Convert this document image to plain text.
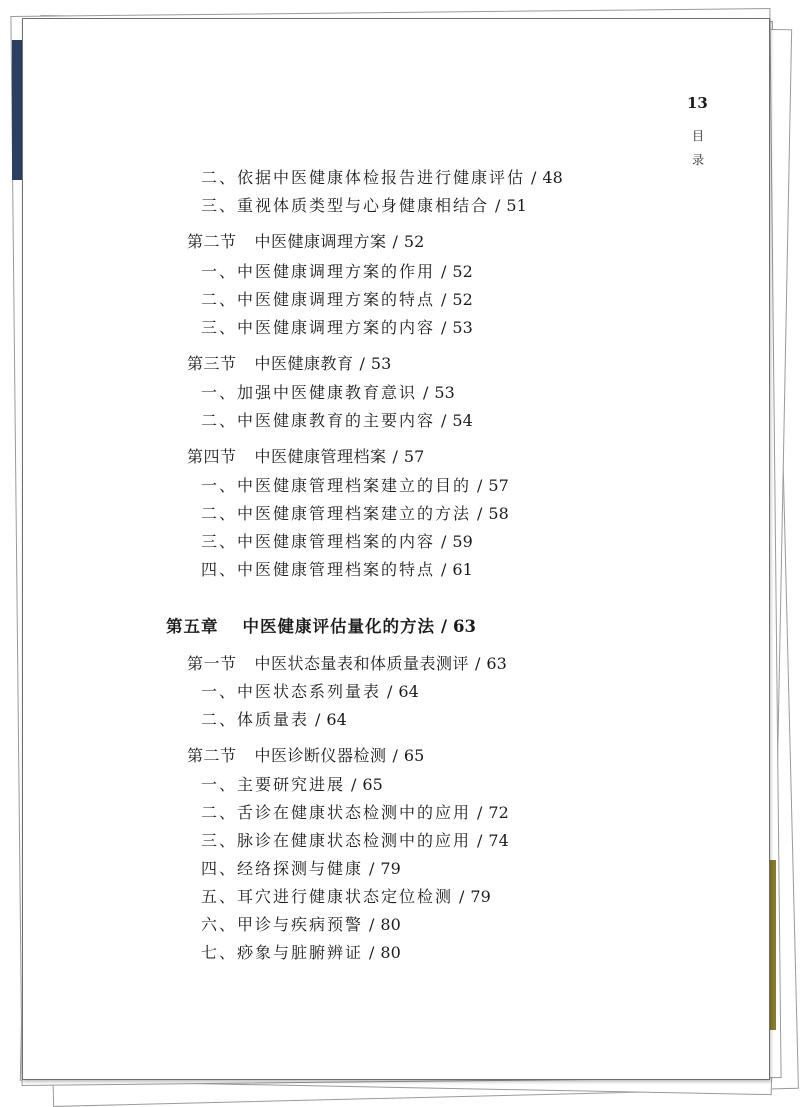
13
目录
二、依据中医健康体检报告进行健康评估 / 48
三、重视体质类型与心身健康相结合 / 51
第二节 中医健康调理方案 / 52
一、中医健康调理方案的作用 / 52
二、中医健康调理方案的特点 / 52
三、中医健康调理方案的内容 / 53
第三节 中医健康教育 / 53
一、加强中医健康教育意识 / 53
二、中医健康教育的主要内容 / 54
第四节 中医健康管理档案 / 57
一、中医健康管理档案建立的目的 / 57
二、中医健康管理档案建立的方法 / 58
三、中医健康管理档案的内容 / 59
四、中医健康管理档案的特点 / 61
第五章 中医健康评估量化的方法 / 63
第一节 中医状态量表和体质量表测评 / 63
一、中医状态系列量表 / 64
二、体质量表 / 64
第二节 中医诊断仪器检测 / 65
一、主要研究进展 / 65
二、舌诊在健康状态检测中的应用 / 72
三、脉诊在健康状态检测中的应用 / 74
四、经络探测与健康 / 79
五、耳穴进行健康状态定位检测 / 79
六、甲诊与疾病预警 / 80
七、痧象与脏腑辨证 / 80
